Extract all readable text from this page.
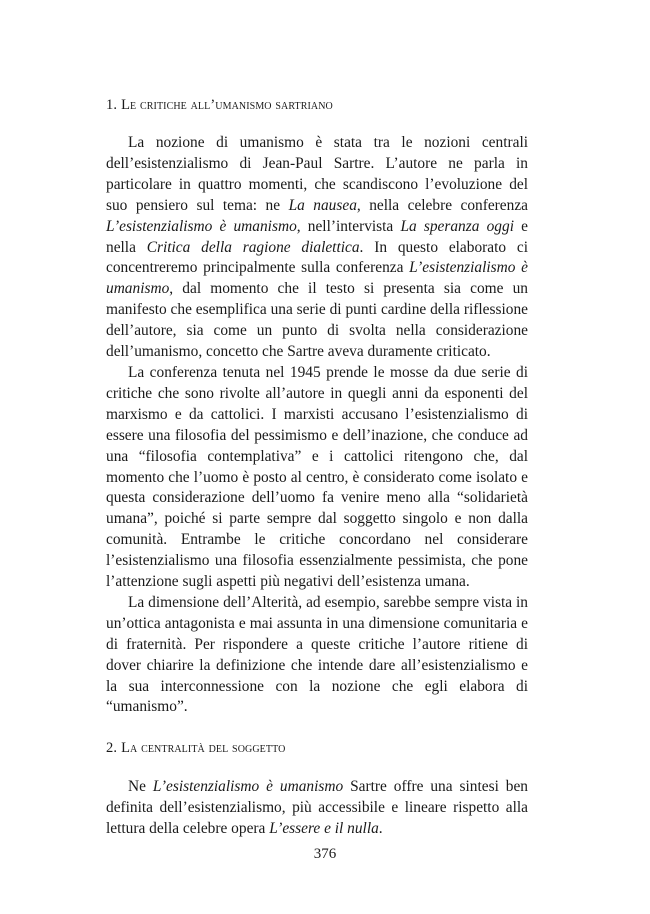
1. Le critiche all’umanismo sartriano

La nozione di umanismo è stata tra le nozioni centrali dell’esistenzialismo di Jean-Paul Sartre. L’autore ne parla in particolare in quattro momenti, che scandiscono l’evoluzione del suo pensiero sul tema: ne La nausea, nella celebre conferenza L’esistenzialismo è umanismo, nell’intervista La speranza oggi e nella Critica della ragione dialettica. In questo elaborato ci concentreremo principalmente sulla conferenza L’esistenzialismo è umanismo, dal momento che il testo si presenta sia come un manifesto che esemplifica una serie di punti cardine della riflessione dell’autore, sia come un punto di svolta nella considerazione dell’umanismo, concetto che Sartre aveva duramente criticato.

La conferenza tenuta nel 1945 prende le mosse da due serie di critiche che sono rivolte all’autore in quegli anni da esponenti del marxismo e da cattolici. I marxisti accusano l’esistenzialismo di essere una filosofia del pessimismo e dell’inazione, che conduce ad una “filosofia contemplativa” e i cattolici ritengono che, dal momento che l’uomo è posto al centro, è considerato come isolato e questa considerazione dell’uomo fa venire meno alla “solidarietà umana”, poiché si parte sempre dal soggetto singolo e non dalla comunità. Entrambe le critiche concordano nel considerare l’esistenzialismo una filosofia essenzialmente pessimista, che pone l’attenzione sugli aspetti più negativi dell’esistenza umana.

La dimensione dell’Alterità, ad esempio, sarebbe sempre vista in un’ottica antagonista e mai assunta in una dimensione comunitaria e di fraternità. Per rispondere a queste critiche l’autore ritiene di dover chiarire la definizione che intende dare all’esistenzialismo e la sua interconnessione con la nozione che egli elabora di “umanismo”.

2. La centralità del soggetto

Ne L’esistenzialismo è umanismo Sartre offre una sintesi ben definita dell’esistenzialismo, più accessibile e lineare rispetto alla lettura della celebre opera L’essere e il nulla.

376
